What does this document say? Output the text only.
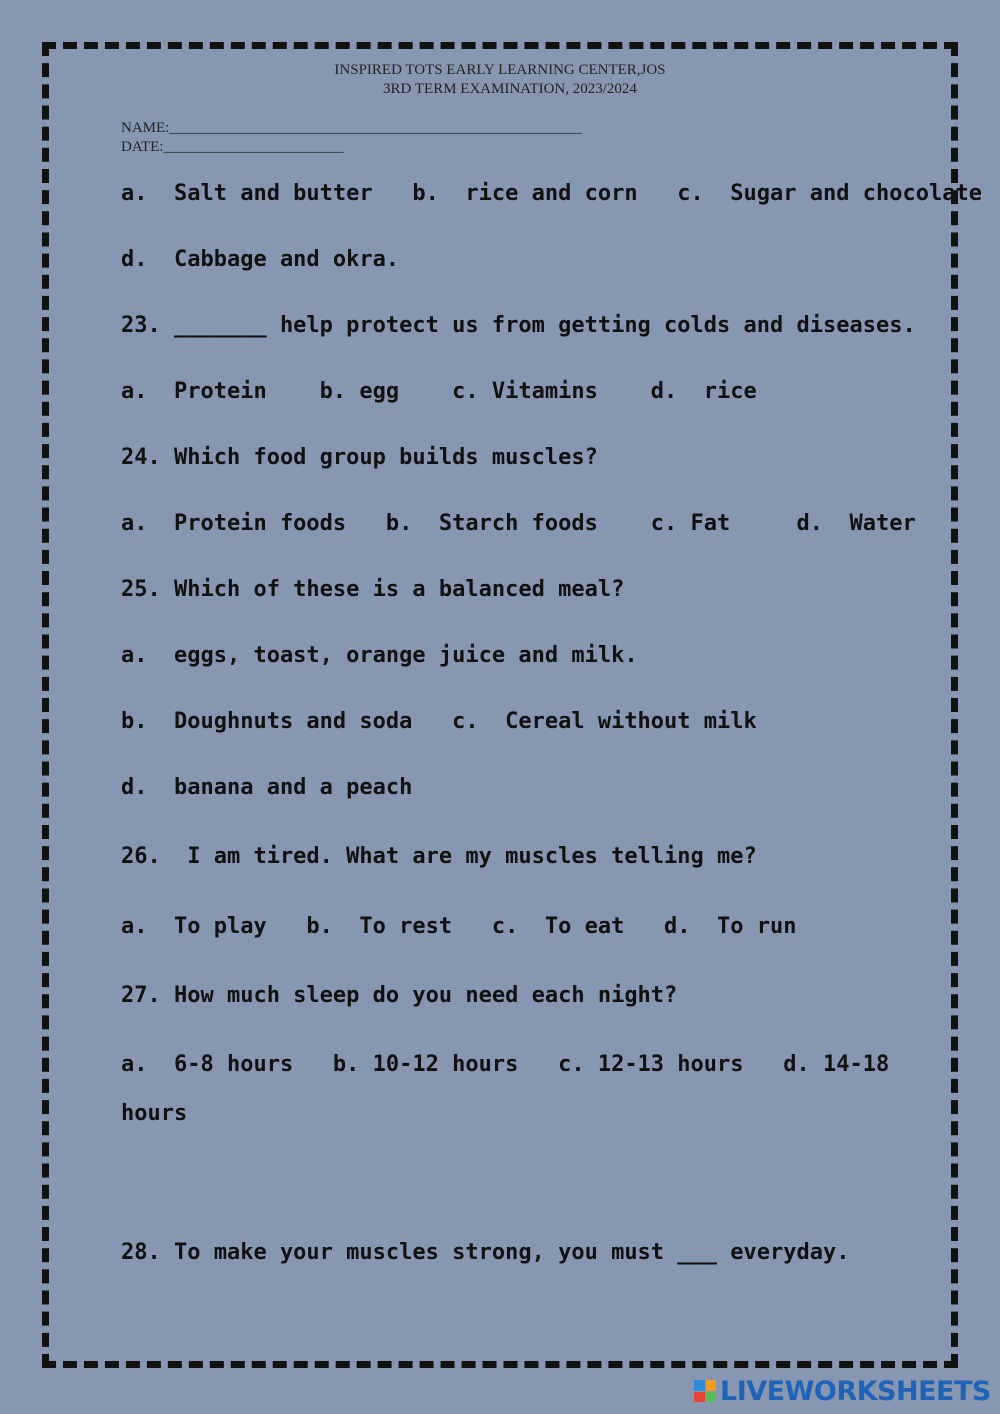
INSPIRED TOTS EARLY LEARNING CENTER,JOS
3RD TERM EXAMINATION, 2023/2024
NAME:_______________________________________________________
DATE:________________________
a.  Salt and butter   b.  rice and corn   c.  Sugar and chocolate
d.  Cabbage and okra.
23. _______ help protect us from getting colds and diseases.
a.  Protein    b. egg    c. Vitamins    d.  rice
24. Which food group builds muscles?
a.  Protein foods   b.  Starch foods    c. Fat     d.  Water
25. Which of these is a balanced meal?
a.  eggs, toast, orange juice and milk.
b.  Doughnuts and soda   c.  Cereal without milk
d.  banana and a peach
26.  I am tired. What are my muscles telling me?
a.  To play   b.  To rest   c.  To eat   d.  To run
27. How much sleep do you need each night?
a.  6-8 hours   b. 10-12 hours   c. 12-13 hours   d. 14-18
hours
28. To make your muscles strong, you must ___ everyday.
LIVEWORKSHEETS
